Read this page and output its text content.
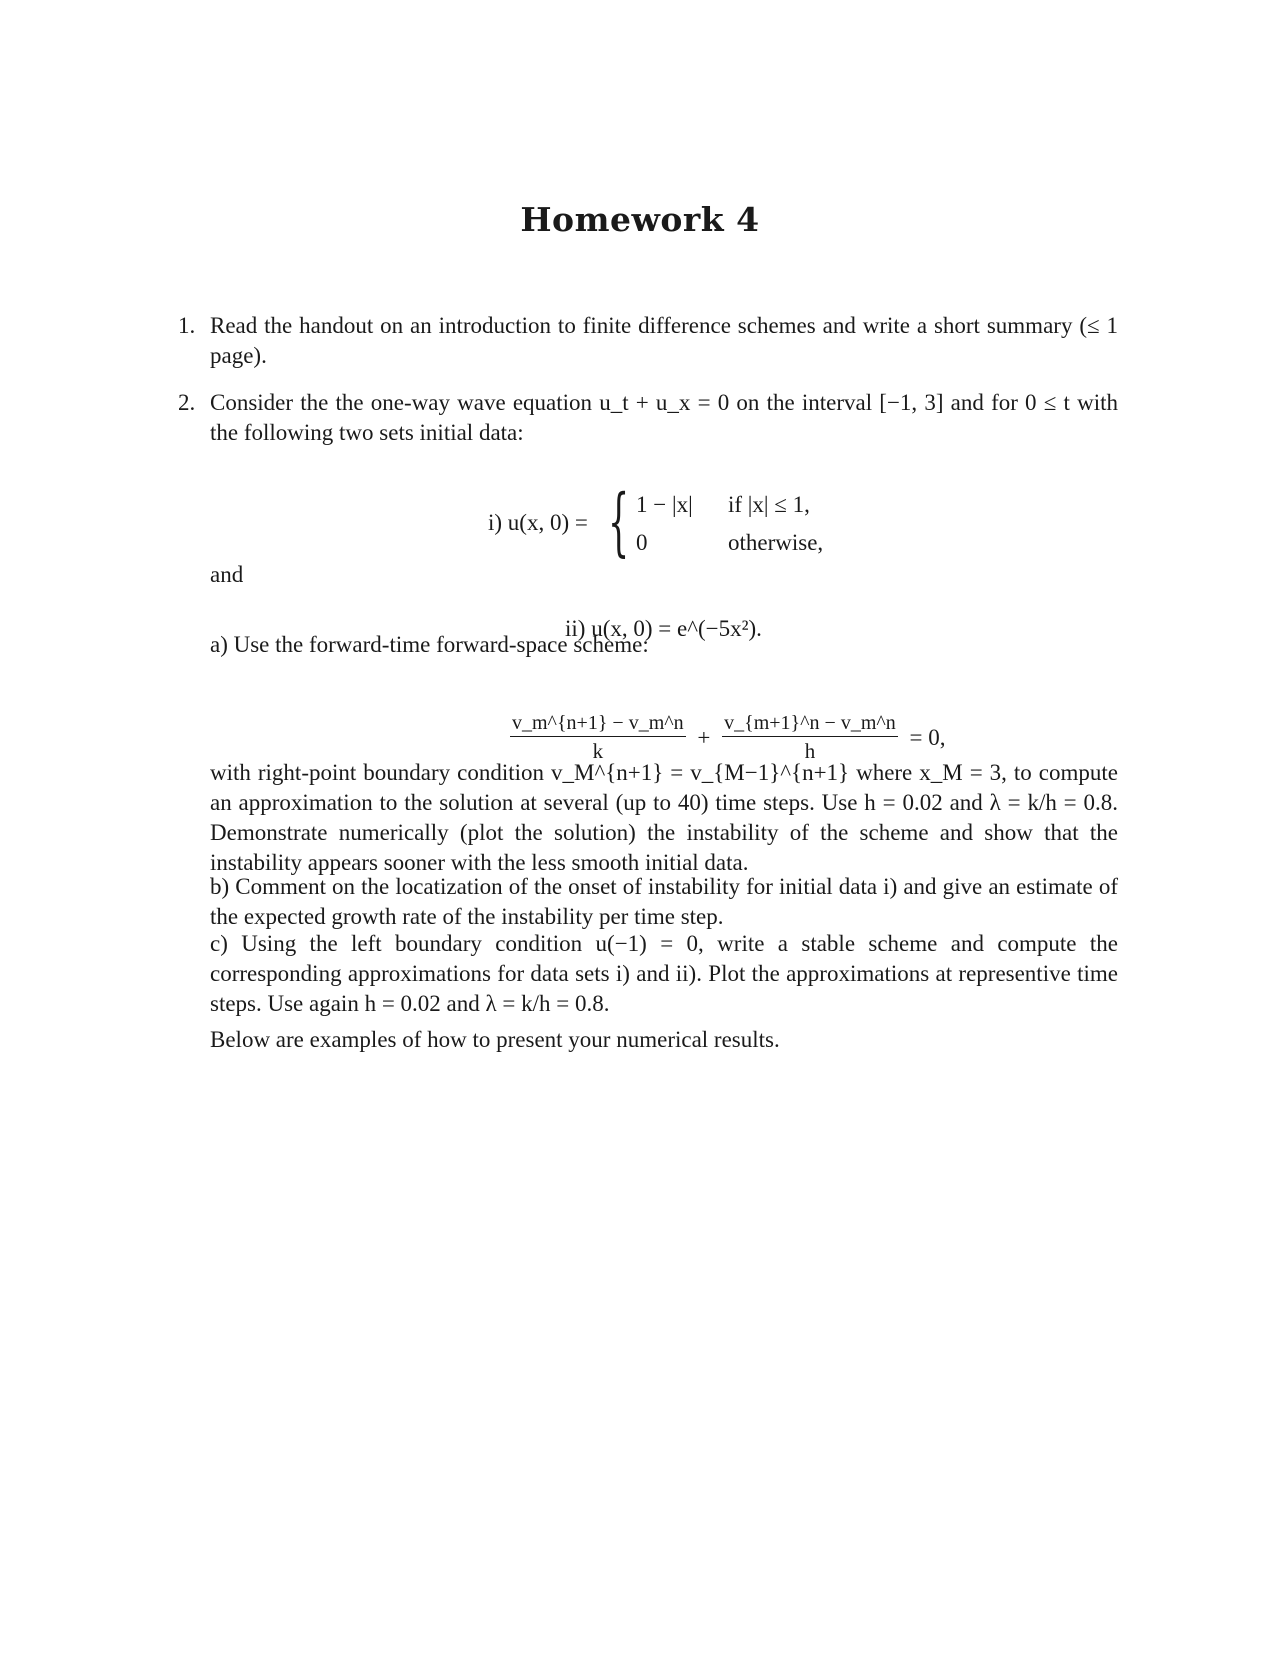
Homework 4
1. Read the handout on an introduction to finite difference schemes and write a short summary (≤ 1 page).
2. Consider the the one-way wave equation u_t + u_x = 0 on the interval [−1, 3] and for 0 ≤ t with the following two sets initial data:
i) u(x, 0) = { 1 − |x|
0
if |x| ≤ 1,
otherwise,
and
ii) u(x, 0) = e^(−5x²).
a) Use the forward-time forward-space scheme:
$\frac{v\_m\^{}\{n+1\} - v\_m\^{}n}{k} + \frac{v\_\{m+1\}\^{}n - v\_m\^{}n}{h} = 0$,
with right-point boundary condition v_M^{n+1} = v_{M−1}^{n+1} where x_M = 3, to compute an approximation to the solution at several (up to 40) time steps. Use h = 0.02 and λ = k/h = 0.8. Demonstrate numerically (plot the solution) the instability of the scheme and show that the instability appears sooner with the less smooth initial data.
b) Comment on the locatization of the onset of instability for initial data i) and give an estimate of the expected growth rate of the instability per time step.
c) Using the left boundary condition u(−1) = 0, write a stable scheme and compute the corresponding approximations for data sets i) and ii). Plot the approximations at representive time steps. Use again h = 0.02 and λ = k/h = 0.8.
Below are examples of how to present your numerical results.
